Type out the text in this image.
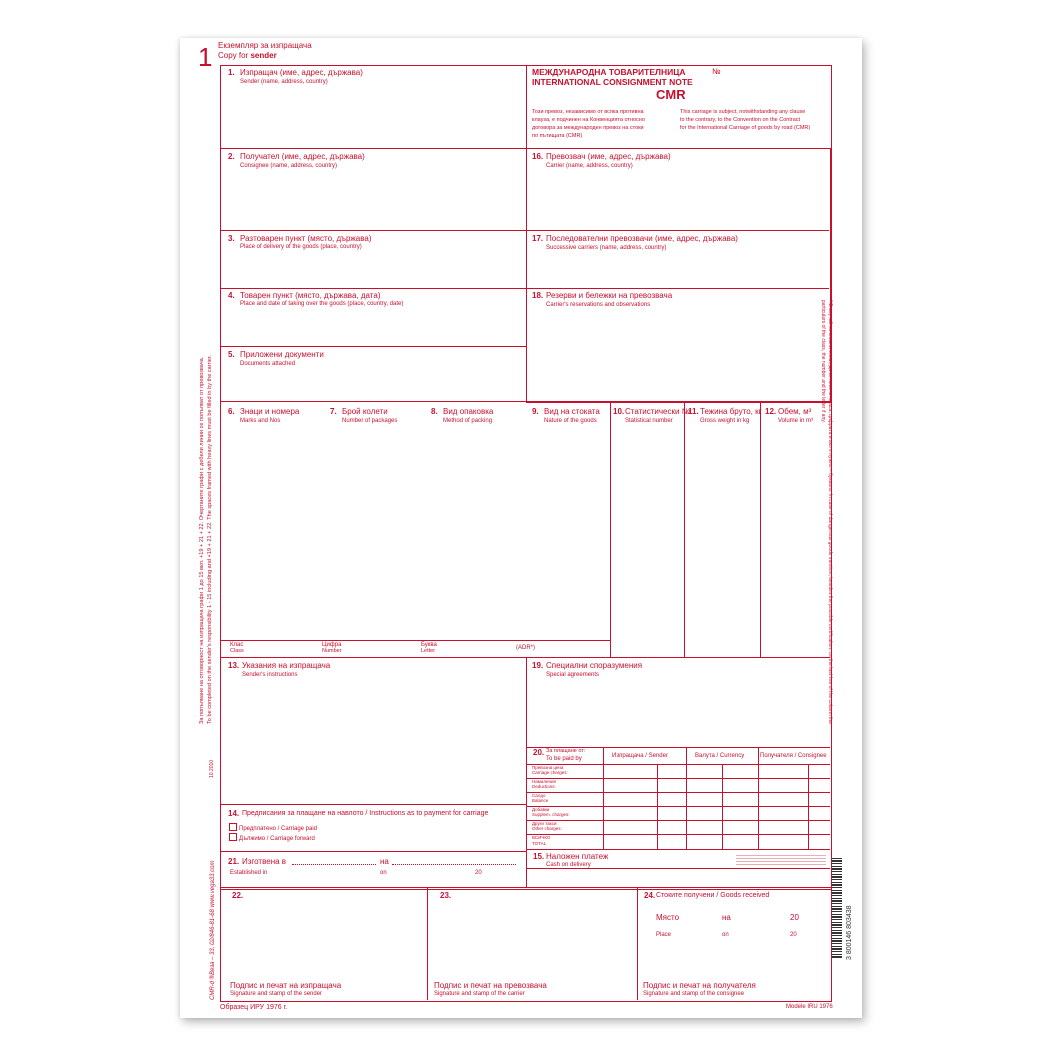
1 Екземпляр за изпращача
Copy for sender
МЕЖДУНАРОДНА ТОВАРИТЕЛНИЦА
INTERNATIONAL CONSIGNMENT NOTE
№
CMR
Този превоз, независимо от всяка противна
клауза, е подчинен на Конвенцията относно
договора за международен превоз на стоки
по пътищата (CMR)
This carriage is subject, notwithstanding any clause
to the contrary, to the Convention on the Contract
for the International Carriage of goods by road (CMR)
1. Изпращач (име, адрес, държава)
Sender (name, address, country)
2. Получател (име, адрес, държава)
Consignee (name, address, country)
3. Разтоварен пункт (място, държава)
Place of delivery of the goods (place, country)
4. Товарен пункт (място, държава, дата)
Place and date of taking over the goods (place, country, date)
5. Приложени документи
Documents attached
16. Превозвач (име, адрес, държава)
Carrier (name, address, country)
17. Последователни превозвачи (име, адрес, държава)
Successive carriers (name, address, country)
18. Резерви и бележки на превозвача
Carrier's reservations and observations
6. Знаци и номера
Marks and Nos
7. Брой колети
Number of packages
8. Вид опаковка
Method of packing
9. Вид на стоката
Nature of the goods
10. Статистически №
Statistical number
11. Тежина бруто, кг
Gross weight in kg
12. Обем, м³
Volume in m³
Клас
Class
Цифра
Number
Буква
Letter	(ADR*)
13. Указания на изпращача
Sender's instructions
19. Специални споразумения
Special agreements
20. За плащане от:
To be paid by	Изпращача / Sender	Валута / Currency	Получателя / Consignee
Превозна цена
Carriage charges:
Намаления
Deductions:
Салдо
Balance
Добавки
Supplem. charges:
Други такси
Other charges:
ВСИЧКО
TOTAL
14. Предписания за плащане на навлото / Instructions as to payment for carriage
Предплатено / Carriage paid
Дължимо / Carriage forward
21. Изготвена в	на
Established in	on	20
15. Наложен платеж
Cash on delivery
22.
Подпис и печат на изпращача
Signature and stamp of the sender
23.
Подпис и печат на превозвача
Signature and stamp of the carrier
24. Стоките получени / Goods received
Място	на	20
Place	on	20
Подпис и печат на получателя
Signature and stamp of the consignee
Образец ИРУ 1976 г.	Modele IRU 1976
За попълване на отговорност на изпращача графи 1 до 15 вкл. +19 + 21 + 22. Очертаните графи с дебели линии се попълват от превозвача. To be completed on the sender's responsibility 1 - 15 including and +19 + 21 + 22. The spaces framed with heavy lines must be filled in by the carrier.
CMR-d ®Веза – 33, 02/846-81-68 www.vega33.com
10.2010
* В случай на опасни стоки, да се посочи: класа, цифрата и ако е нужно – буквата. In case of dangerous goods mention, besides the possible certification, on the last line of the column the particulars of the class, the number and the letter if any.
3 800146 803438
